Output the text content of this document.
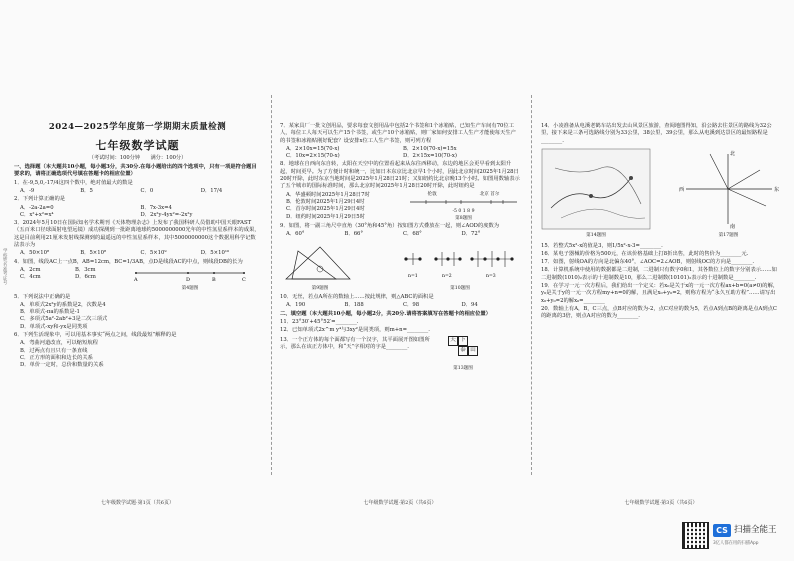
学校姓名准考证号
2024—2025学年度第一学期期末质量检测
七年级数学试题
（考试时间：100分钟　　满分：100分）
一、选择题（本大题共10小题，每小题3分，共30分.在每小题给出的四个选项中，只有一项是符合题目要求的，请将正确选项代号填在答题卡的相应位置）
1．在-9,5,0,-17/4这四个数中，绝对值最大的数是
A．-9	B．5	C．0	D．17/4
2．下列计算正确的是
A．-2a-2a=0	B．7x-3x=4
C．x²+x²=x⁴	D．2x²y-4yx²=-2x²y
3．2024年5月10日在国际知名学术期刊《天体物理杂志》上发布了我国科研人员借助中国天眼FAST（五百米口径球面射电望远镜）成功探测到一批距离地球约5000000000光年的中性氢星系样本的成果，这是目前利用21厘米发射线探测到的最遥远的中性氢星系样本，其中5000000000这个数据用科学记数法表示为
A．50×10⁸	B．5×10⁸	C．5×10⁹	D．5×10¹⁰
4．如图，线段AC上一点B，AB=12cm，BC=1/3AB，点D是线段AC的中点，则线段DB的长为
A．2cm	B．3cm
C．4cm	D．6cm	A	D	B	C
第4题图
5．下列说法中正确的是
A．单项式2x²y的系数是2，次数是4
B．单项式-πa的系数是-1
C．多项式5a²-2ab²+3是二次三项式
D．单项式-xy和-yx是同类项
6．下列生活现象中，可以用基本事实“两点之间，线段最短”解释的是
A．弯曲河道改直，可以缩短航程
B．过两点有且只有一条直线
C．正方形的面积和边长的关系
D．单价一定时，总价和数量的关系
七年级数学试题·第1页（共6页）
7．某家具厂一批文创用品，要求每套文创用品中包括2个书签和1个冰箱贴，已知生产车间有70位工人，每位工人每天可以生产15个书签，或生产10个冰箱贴，则厂家如何安排工人生产才能使每天生产的书签和冰箱贴刚好配套？设安排x位工人生产书签，则可列方程
A．2×10x=15(70-x)	B．2×10(70-x)=15x
C．10x=2×15(70-x)	D．2×15x=10(70-x)
8．地球在自西向东自转，太阳在天空中的位置看起来从东往西移动，东边的地区会更早看到太阳升起，时间更早。为了方便计时和统一，比如日本东京比北京早1个小时，因此北京时间2025年1月28日20时开除，此时东京当地时间是2025年1月28日21时；又如纽约比北京晚13个小时。如图用数轴表示了五个城市的国际标准时间，那么北京时间2025年1月28日20时开除，此时纽约是
A．华盛顿时间2025年1月28日7时
B．伦敦时间2025年1月29日4时
C．首尔时间2025年1月29日4时
D．纽约时间2025年1月29日5时
伦敦	北京 首尔
-5 0 1 8 9
第8题图
9．如图，将一副三角尺中直角（30°角和45°角）按如图方式叠放在一起，则∠AOD的度数为
A．60°	B．66°	C．68°	D．72°
第9题图
n=1	n=2	n=3
第10题图
10．无丝，若点A所在的数轴上……按此规律，则△ABC的面积是
A．190	B．188	C．98	D．94
二、填空题（本大题共10小题，每小题2分，共20分.请将答案填写在答题卡的相应位置）
11．23°30′+45°52′=________.
12．已知单项式2x^m y⁴与3xy²是同类项，则m+n=________.
13．一个正方体的每个面都写有一个汉字，其平面展开图如图所示，那么在该正方体中，和“天”字相对的字是________.
天 下
泰 山
第13题图
七年级数学试题·第2页（共6页）
14．小凌准备从电溪老鹤车站出发去山风景区旅游，查阅地图得知，沿公路去往景区的路线为32公里，接下来是三条可选路线分别为33公里，38公里，39公里，那么从电溪到达景区的最短路程是________.
第14题图
北
南
西	东
第17题图
15．若整式5x²-x的值是3，则1/5x²-x-3=________.
16．某电子器械的价格为500元，在该价格基础上打8折出售，此时的售价为________元.
17．如图，射线OA的方向是北偏东40°，∠AOC=2∠AOB，则射线OC的方向是________.
18．计算机系统中使用的数据都是二进制，二进制只有数字0和1，其各数位上的数字分别表示……如二进制数(1010)₂表示的十进制数是10，那么二进制数(10101)₂表示的十进制数是________.
19．在学习一元一次方程后，我们给出一个定义：若x₀是关于x的一元一次方程ax+b=0(a≠0)的解，y₀是关于y的一元一次方程my+n=0的解，且满足x₀+y₀=2，则称方程为“永久互助方程”……请写出x₀+y₀=2的解x₀=________
20．数轴上有A，B，C三点，点B对应的数为-2，点C对应的数为5，若点A到点B的距离是点A到点C的距离的3倍，则点A对应的数为________.
七年级数学试题·第3页（共6页）
CS 扫描全能王
3亿人都在用的扫描App
